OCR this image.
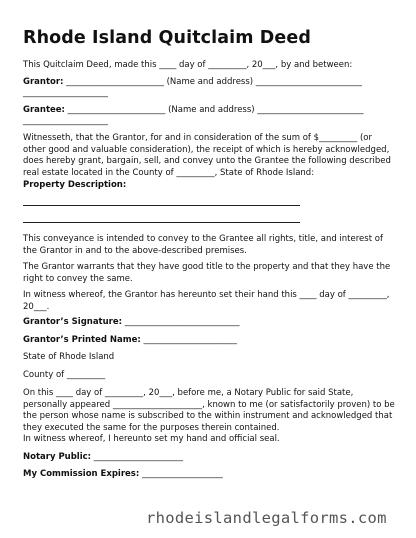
Rhode Island Quitclaim Deed

This Quitclaim Deed, made this ____ day of _________, 20___, by and between:

Grantor: _______________________ (Name and address) _________________________

____________________

Grantee: _______________________ (Name and address) _________________________

____________________

Witnesseth, that the Grantor, for and in consideration of the sum of $_________ (or other good and valuable consideration), the receipt of which is hereby acknowledged, does hereby grant, bargain, sell, and convey unto the Grantee the following described real estate located in the County of _________, State of Rhode Island:

Property Description:

This conveyance is intended to convey to the Grantee all rights, title, and interest of the Grantor in and to the above-described premises.

The Grantor warrants that they have good title to the property and that they have the right to convey the same.

In witness whereof, the Grantor has hereunto set their hand this ____ day of _________, 20___.

Grantor’s Signature: ___________________________

Grantor’s Printed Name: ______________________

State of Rhode Island

County of _________

On this ____ day of _________, 20___, before me, a Notary Public for said State, personally appeared _____________________, known to me (or satisfactorily proven) to be the person whose name is subscribed to the within instrument and acknowledged that they executed the same for the purposes therein contained.

In witness whereof, I hereunto set my hand and official seal.

Notary Public: _____________________

My Commission Expires: ___________________

rhodeislandlegalforms.com
